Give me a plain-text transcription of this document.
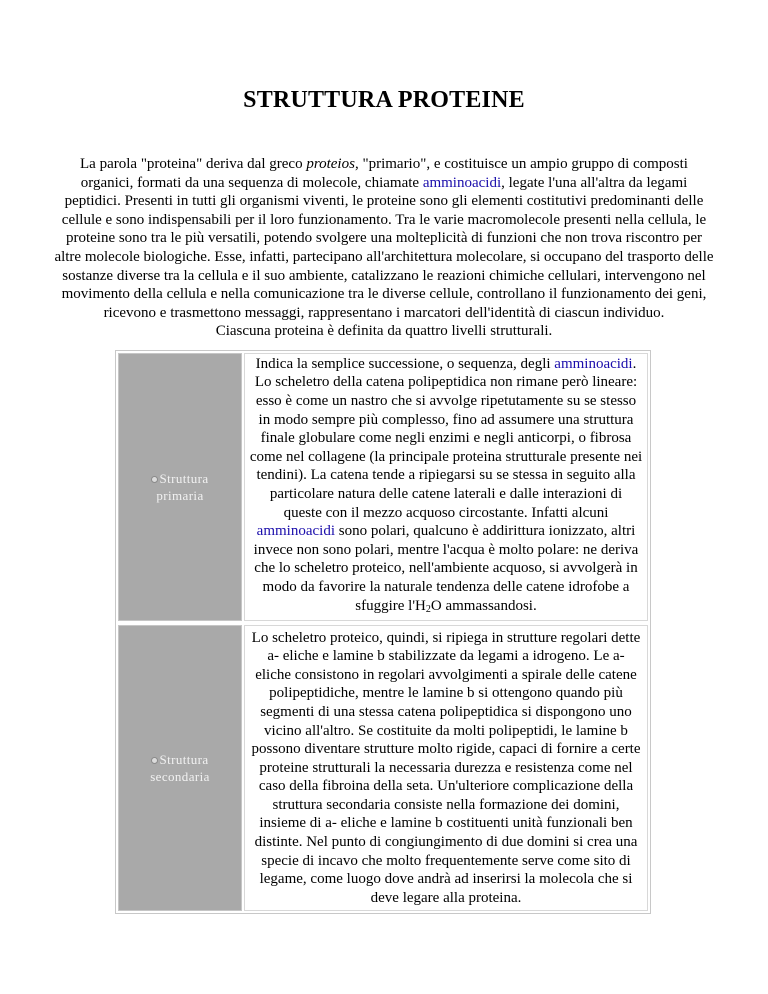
STRUTTURA PROTEINE

La parola "proteina" deriva dal greco proteios, "primario", e costituisce un ampio gruppo di composti organici, formati da una sequenza di molecole, chiamate amminoacidi, legate l'una all'altra da legami peptidici. Presenti in tutti gli organismi viventi, le proteine sono gli elementi costitutivi predominanti delle cellule e sono indispensabili per il loro funzionamento. Tra le varie macromolecole presenti nella cellula, le proteine sono tra le più versatili, potendo svolgere una molteplicità di funzioni che non trova riscontro per altre molecole biologiche. Esse, infatti, partecipano all'architettura molecolare, si occupano del trasporto delle sostanze diverse tra la cellula e il suo ambiente, catalizzano le reazioni chimiche cellulari, intervengono nel movimento della cellula e nella comunicazione tra le diverse cellule, controllano il funzionamento dei geni, ricevono e trasmettono messaggi, rappresentano i marcatori dell'identità di ciascun individuo.
Ciascuna proteina è definita da quattro livelli strutturali.

Struttura
primaria

Indica la semplice successione, o sequenza, degli amminoacidi. Lo scheletro della catena polipeptidica non rimane però lineare: esso è come un nastro che si avvolge ripetutamente su se stesso in modo sempre più complesso, fino ad assumere una struttura finale globulare come negli enzimi e negli anticorpi, o fibrosa come nel collagene (la principale proteina strutturale presente nei tendini). La catena tende a ripiegarsi su se stessa in seguito alla particolare natura delle catene laterali e dalle interazioni di queste con il mezzo acquoso circostante. Infatti alcuni amminoacidi sono polari, qualcuno è addirittura ionizzato, altri invece non sono polari, mentre l'acqua è molto polare: ne deriva che lo scheletro proteico, nell'ambiente acquoso, si avvolgerà in modo da favorire la naturale tendenza delle catene idrofobe a sfuggire $l'H_2O$ ammassandosi.

Struttura
secondaria

Lo scheletro proteico, quindi, si ripiega in strutture regolari dette a- eliche e lamine b stabilizzate da legami a idrogeno. Le a- eliche consistono in regolari avvolgimenti a spirale delle catene polipeptidiche, mentre le lamine b si ottengono quando più segmenti di una stessa catena polipeptidica si dispongono uno vicino all'altro. Se costituite da molti polipeptidi, le lamine b possono diventare strutture molto rigide, capaci di fornire a certe proteine strutturali la necessaria durezza e resistenza come nel caso della fibroina della seta. Un'ulteriore complicazione della struttura secondaria consiste nella formazione dei domini, insieme di a- eliche e lamine b costituenti unità funzionali ben distinte. Nel punto di congiungimento di due domini si crea una specie di incavo che molto frequentemente serve come sito di legame, come luogo dove andrà ad inserirsi la molecola che si deve legare alla proteina.
